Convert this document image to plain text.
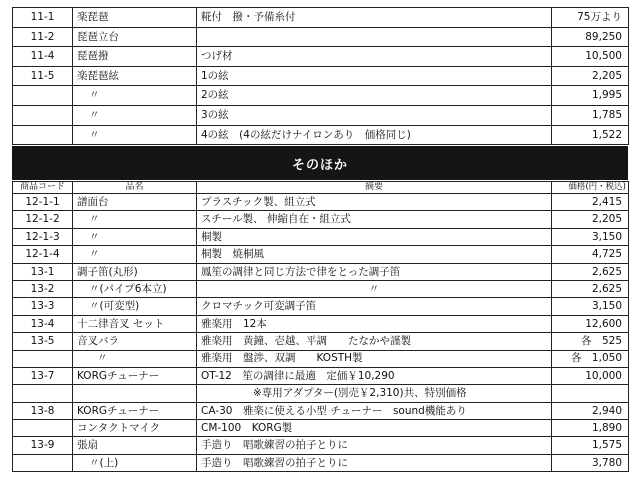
11-1	楽琵琶	糀付　撥・予備糸付	75万より
11-2	琵琶立台		89,250
11-4	琵琶撥	つげ材	10,500
11-5	楽琵琶絃	1の絃	2,205
	〃	2の絃	1,995
	〃	3の絃	1,785
	〃	4の絃　(4の絃だけナイロンあり　価格同じ)	1,522
そのほか
商品コード	品名	摘要	価格(円・税込)
12-1-1	譜面台	プラスチック製、組立式	2,415
12-1-2	〃	スチール製、 伸縮自在・組立式	2,205
12-1-3	〃	桐製	3,150
12-1-4	〃	桐製　焼桐風	4,725
13-1	調子笛(丸形)	鳳笙の調律と同じ方法で律をとった調子笛	2,625
13-2	〃(パイプ6本立)	〃	2,625
13-3	〃(可変型)	クロマチック可変調子笛	3,150
13-4	十二律音叉 セット	雅楽用　12本	12,600
13-5	音叉バラ	雅楽用　黄鐘、壱越、平調　　たなかや謹製	各　525
	〃	雅楽用　盤渉、双調　　KOSTH製	各　1,050
13-7	KORGチューナー	OT-12　笙の調律に最適　定価￥10,290	10,000
		※専用アダプター(別売￥2,310)共、特別価格	
13-8	KORGチューナー	CA-30　雅楽に使える小型 チューナー　sound機能あり	2,940
	コンタクトマイク	CM-100　KORG製	1,890
13-9	張扇	手造り　唱歌練習の拍子とりに	1,575
	〃(上)	手造り　唱歌練習の拍子とりに	3,780
